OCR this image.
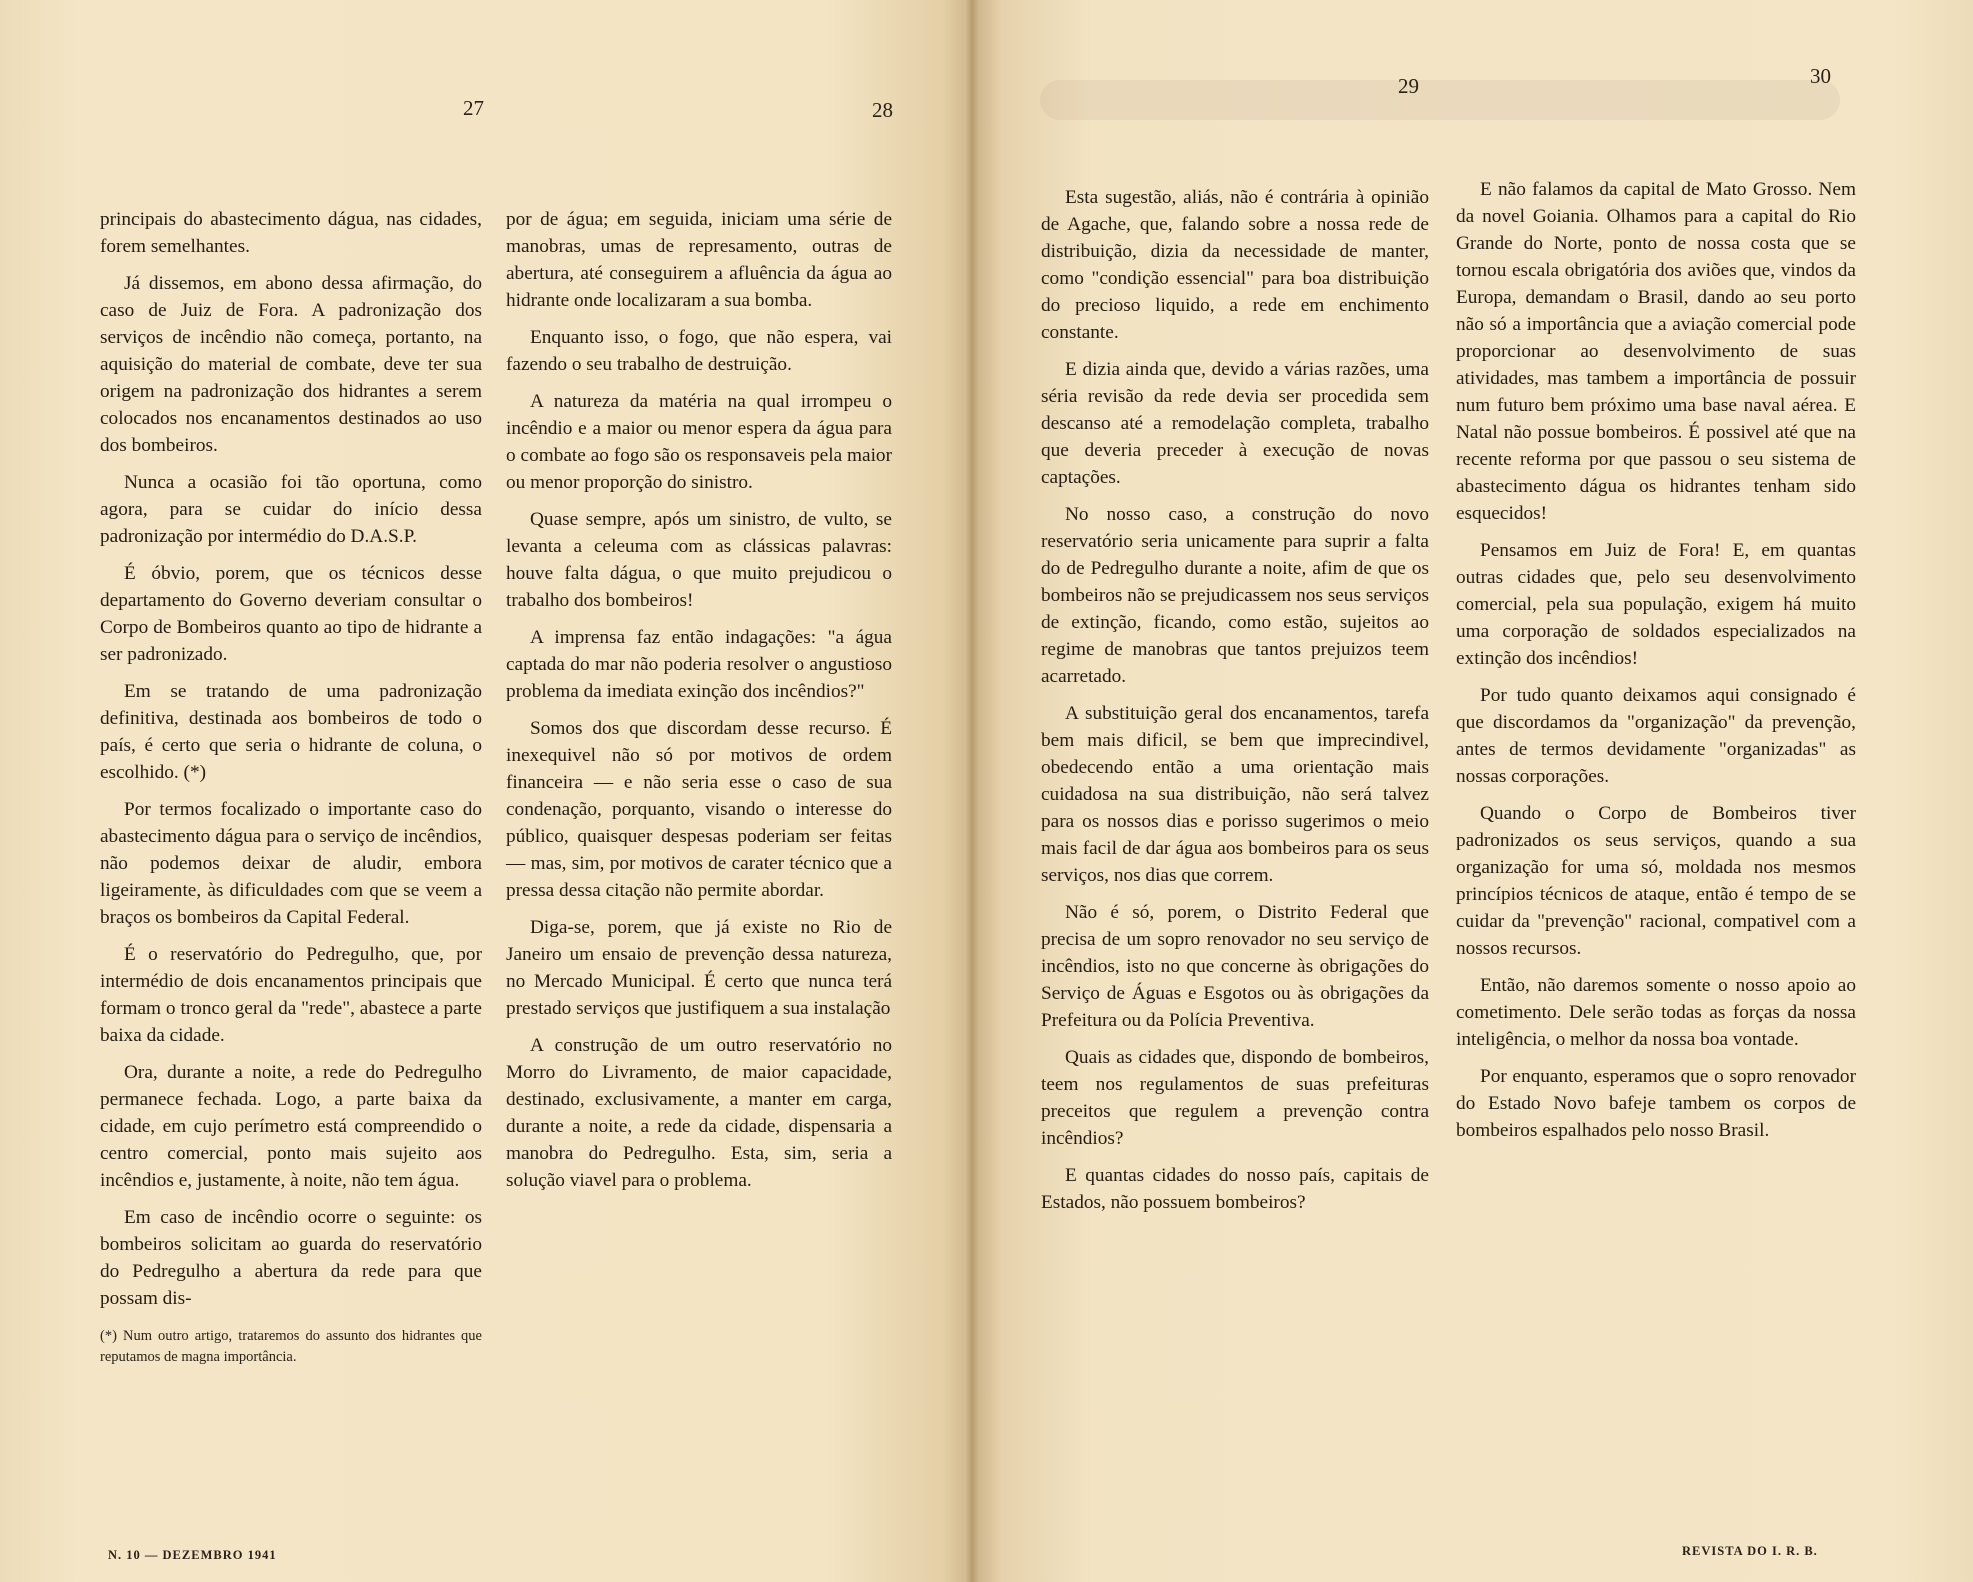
27	28
29	30

principais do abastecimento dágua, nas cidades, forem semelhantes.

Já dissemos, em abono dessa afirmação, do caso de Juiz de Fora. A padronização dos serviços de incêndio não começa, portanto, na aquisição do material de combate, deve ter sua origem na padronização dos hidrantes a serem colocados nos encanamentos destinados ao uso dos bombeiros.

Nunca a ocasião foi tão oportuna, como agora, para se cuidar do início dessa padronização por intermédio do D.A.S.P.

É óbvio, porem, que os técnicos desse departamento do Governo deveriam consultar o Corpo de Bombeiros quanto ao tipo de hidrante a ser padronizado.

Em se tratando de uma padronização definitiva, destinada aos bombeiros de todo o país, é certo que seria o hidrante de coluna, o escolhido. (*)

Por termos focalizado o importante caso do abastecimento dágua para o serviço de incêndios, não podemos deixar de aludir, embora ligeiramente, às dificuldades com que se veem a braços os bombeiros da Capital Federal.

É o reservatório do Pedregulho, que, por intermédio de dois encanamentos principais que formam o tronco geral da "rede", abastece a parte baixa da cidade.

Ora, durante a noite, a rede do Pedregulho permanece fechada. Logo, a parte baixa da cidade, em cujo perímetro está compreendido o centro comercial, ponto mais sujeito aos incêndios e, justamente, à noite, não tem água.

Em caso de incêndio ocorre o seguinte: os bombeiros solicitam ao guarda do reservatório do Pedregulho a abertura da rede para que possam dis-

(*) Num outro artigo, trataremos do assunto dos hidrantes que reputamos de magna importância.

por de água; em seguida, iniciam uma série de manobras, umas de represamento, outras de abertura, até conseguirem a afluência da água ao hidrante onde localizaram a sua bomba.

Enquanto isso, o fogo, que não espera, vai fazendo o seu trabalho de destruição.

A natureza da matéria na qual irrompeu o incêndio e a maior ou menor espera da água para o combate ao fogo são os responsaveis pela maior ou menor proporção do sinistro.

Quase sempre, após um sinistro, de vulto, se levanta a celeuma com as clássicas palavras: houve falta dágua, o que muito prejudicou o trabalho dos bombeiros!

A imprensa faz então indagações: "a água captada do mar não poderia resolver o angustioso problema da imediata exinção dos incêndios?"

Somos dos que discordam desse recurso. É inexequivel não só por motivos de ordem financeira — e não seria esse o caso de sua condenação, porquanto, visando o interesse do público, quaisquer despesas poderiam ser feitas — mas, sim, por motivos de carater técnico que a pressa dessa citação não permite abordar.

Diga-se, porem, que já existe no Rio de Janeiro um ensaio de prevenção dessa natureza, no Mercado Municipal. É certo que nunca terá prestado serviços que justifiquem a sua instalação

A construção de um outro reservatório no Morro do Livramento, de maior capacidade, destinado, exclusivamente, a manter em carga, durante a noite, a rede da cidade, dispensaria a manobra do Pedregulho. Esta, sim, seria a solução viavel para o problema.

Esta sugestão, aliás, não é contrária à opinião de Agache, que, falando sobre a nossa rede de distribuição, dizia da necessidade de manter, como "condição essencial" para boa distribuição do precioso liquido, a rede em enchimento constante.

E dizia ainda que, devido a várias razões, uma séria revisão da rede devia ser procedida sem descanso até a remodelação completa, trabalho que deveria preceder à execução de novas captações.

No nosso caso, a construção do novo reservatório seria unicamente para suprir a falta do de Pedregulho durante a noite, afim de que os bombeiros não se prejudicassem nos seus serviços de extinção, ficando, como estão, sujeitos ao regime de manobras que tantos prejuizos teem acarretado.

A substituição geral dos encanamentos, tarefa bem mais dificil, se bem que imprecindivel, obedecendo então a uma orientação mais cuidadosa na sua distribuição, não será talvez para os nossos dias e porisso sugerimos o meio mais facil de dar água aos bombeiros para os seus serviços, nos dias que correm.

Não é só, porem, o Distrito Federal que precisa de um sopro renovador no seu serviço de incêndios, isto no que concerne às obrigações do Serviço de Águas e Esgotos ou às obrigações da Prefeitura ou da Polícia Preventiva.

Quais as cidades que, dispondo de bombeiros, teem nos regulamentos de suas prefeituras preceitos que regulem a prevenção contra incêndios?

E quantas cidades do nosso país, capitais de Estados, não possuem bombeiros?

E não falamos da capital de Mato Grosso. Nem da novel Goiania. Olhamos para a capital do Rio Grande do Norte, ponto de nossa costa que se tornou escala obrigatória dos aviões que, vindos da Europa, demandam o Brasil, dando ao seu porto não só a importância que a aviação comercial pode proporcionar ao desenvolvimento de suas atividades, mas tambem a importância de possuir num futuro bem próximo uma base naval aérea. E Natal não possue bombeiros. É possivel até que na recente reforma por que passou o seu sistema de abastecimento dágua os hidrantes tenham sido esquecidos!

Pensamos em Juiz de Fora! E, em quantas outras cidades que, pelo seu desenvolvimento comercial, pela sua população, exigem há muito uma corporação de soldados especializados na extinção dos incêndios!

Por tudo quanto deixamos aqui consignado é que discordamos da "organização" da prevenção, antes de termos devidamente "organizadas" as nossas corporações.

Quando o Corpo de Bombeiros tiver padronizados os seus serviços, quando a sua organização for uma só, moldada nos mesmos princípios técnicos de ataque, então é tempo de se cuidar da "prevenção" racional, compativel com a nossos recursos.

Então, não daremos somente o nosso apoio ao cometimento. Dele serão todas as forças da nossa inteligência, o melhor da nossa boa vontade.

Por enquanto, esperamos que o sopro renovador do Estado Novo bafeje tambem os corpos de bombeiros espalhados pelo nosso Brasil.

N. 10 — DEZEMBRO 1941	REVISTA DO I. R. B.
